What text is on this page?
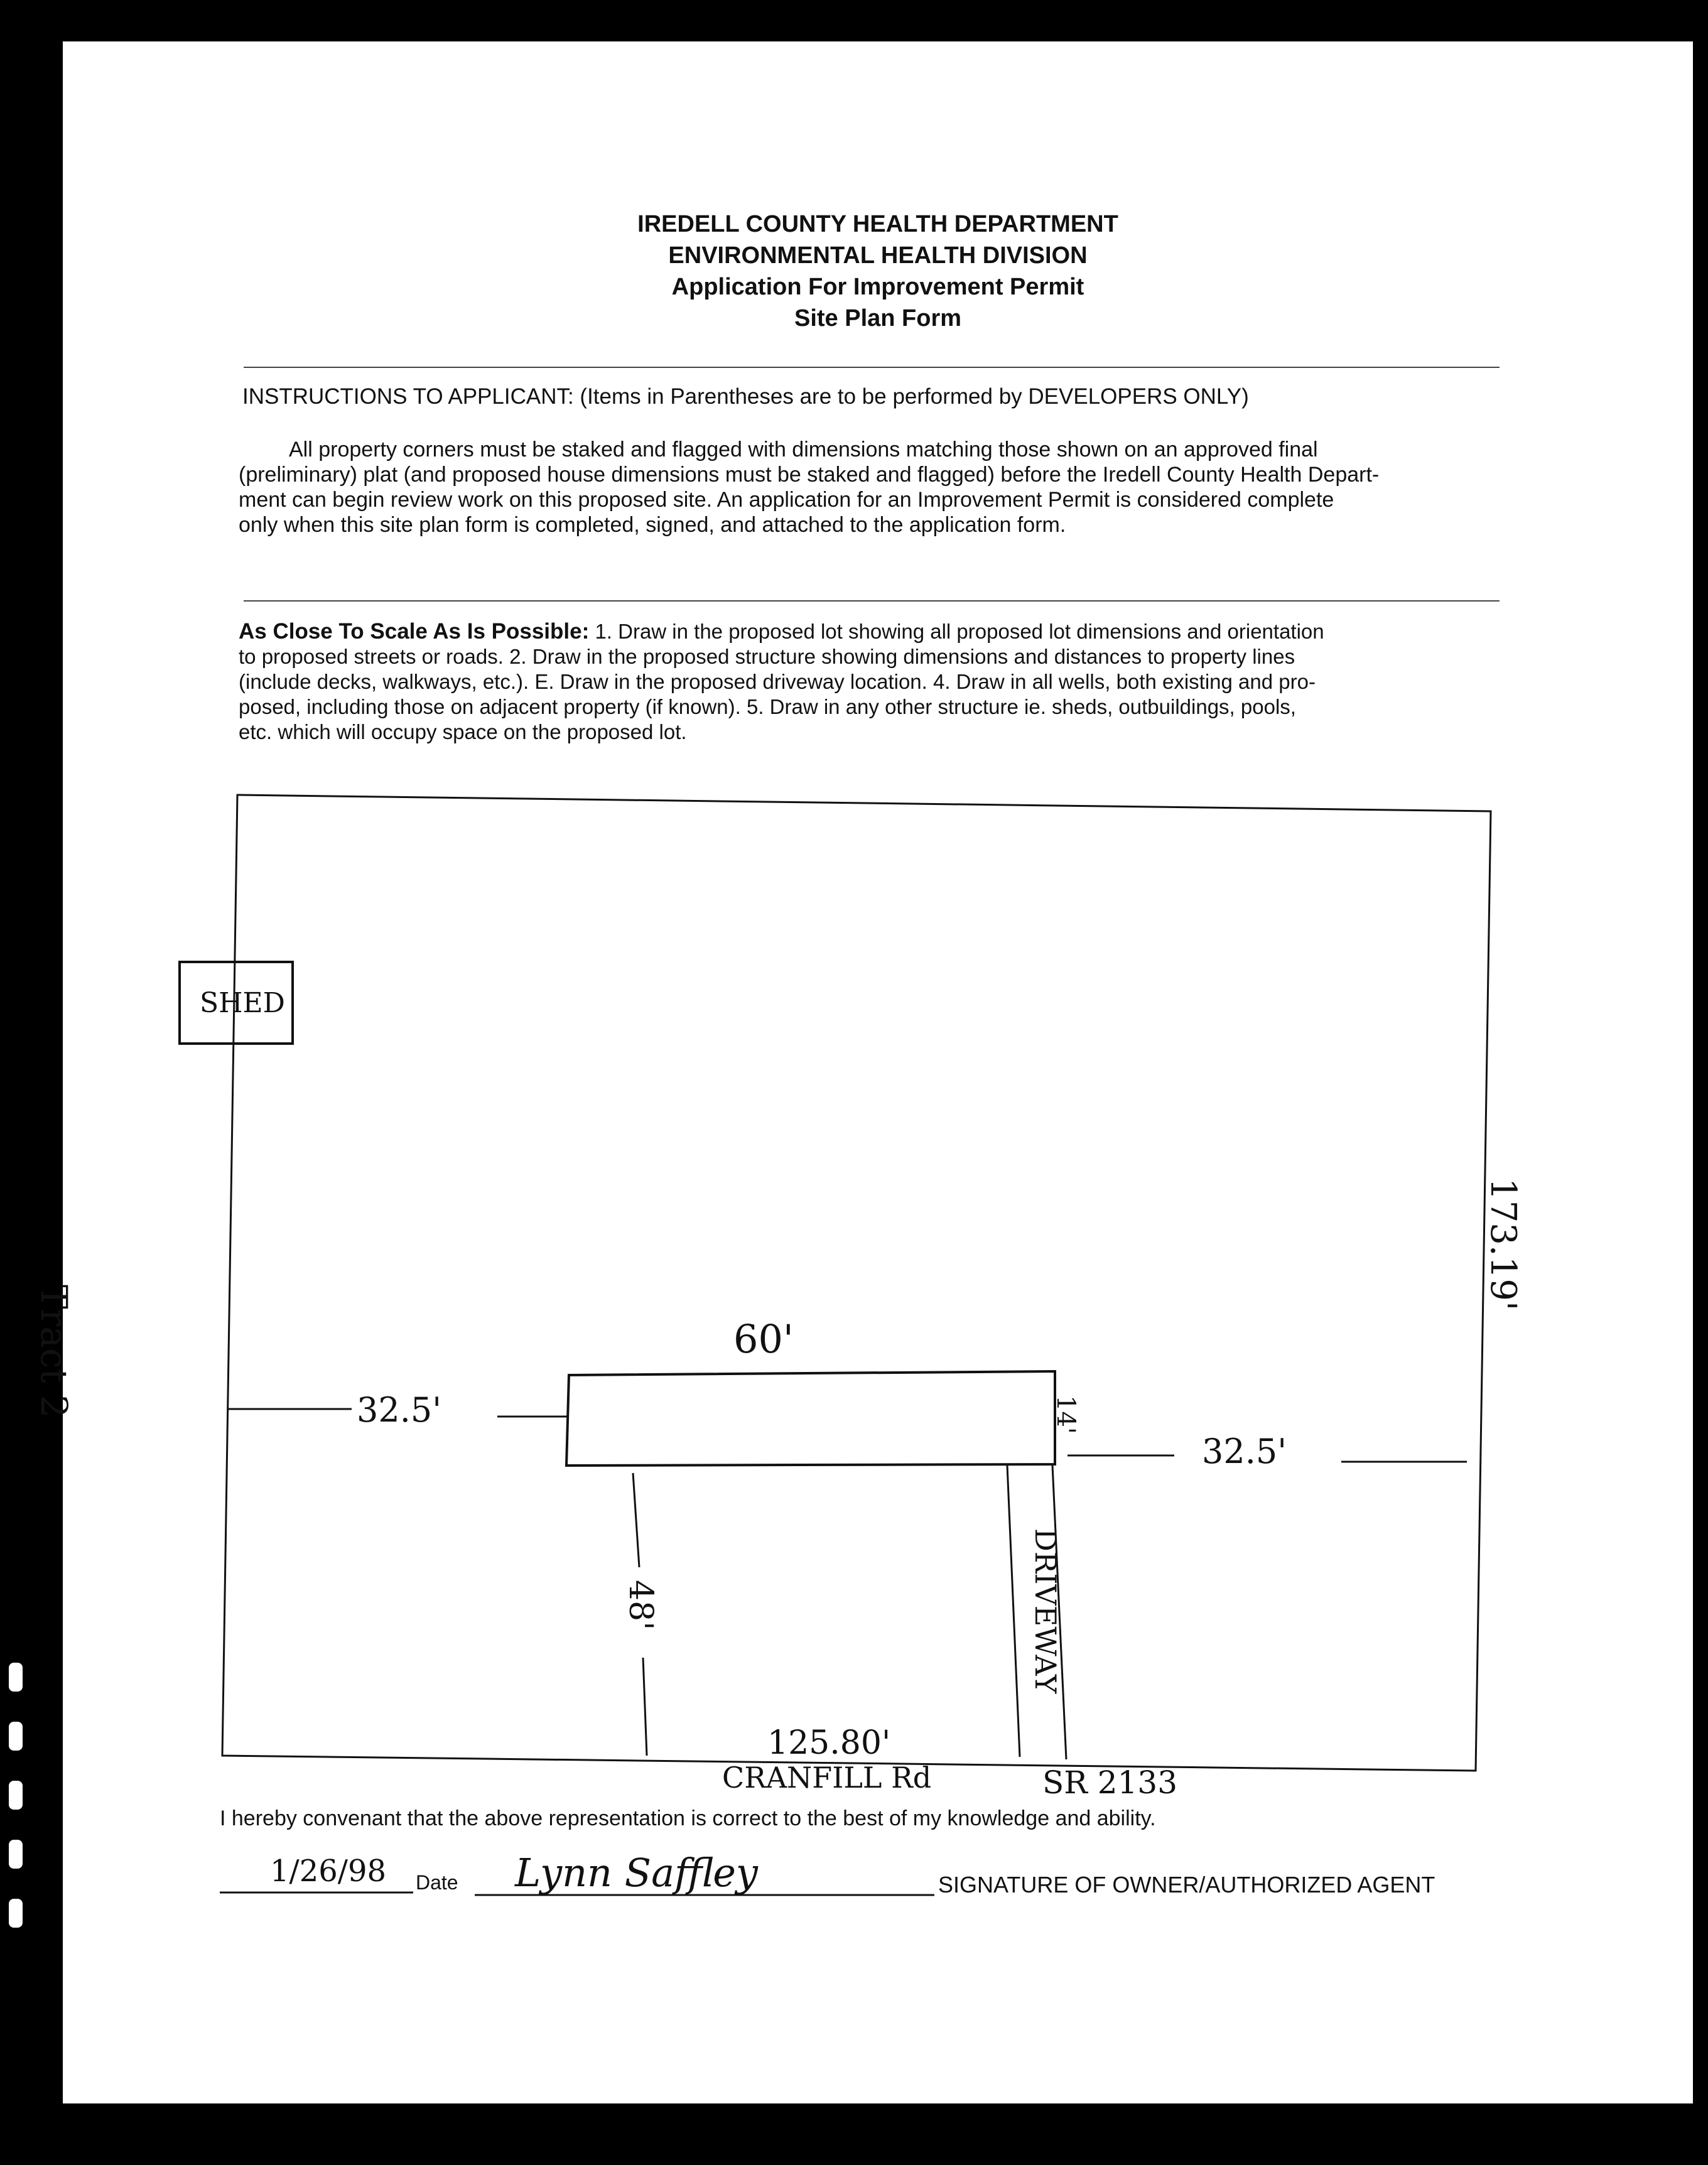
IREDELL COUNTY HEALTH DEPARTMENT
ENVIRONMENTAL HEALTH DIVISION
Application For Improvement Permit
Site Plan Form
INSTRUCTIONS TO APPLICANT: (Items in Parentheses are to be performed by DEVELOPERS ONLY)
All property corners must be staked and flagged with dimensions matching those shown on an approved final
(preliminary) plat (and proposed house dimensions must be staked and flagged) before the Iredell County Health Depart-
ment can begin review work on this proposed site. An application for an Improvement Permit is considered complete
only when this site plan form is completed, signed, and attached to the application form.
As Close To Scale As Is Possible: 1. Draw in the proposed lot showing all proposed lot dimensions and orientation
to proposed streets or roads. 2. Draw in the proposed structure showing dimensions and distances to property lines
(include decks, walkways, etc.). E. Draw in the proposed driveway location. 4. Draw in all wells, both existing and pro-
posed, including those on adjacent property (if known). 5. Draw in any other structure ie. sheds, outbuildings, pools,
etc. which will occupy space on the proposed lot.
SHED
Tract 2	60'
32.5'	14'
32.5'
173.19'
48'	DRIVEWAY
125.80'
CRANFILL Rd	SR 2133
I hereby convenant that the above representation is correct to the best of my knowledge and ability.
1/26/98 Date Lynn Saffley	SIGNATURE OF OWNER/AUTHORIZED AGENT
